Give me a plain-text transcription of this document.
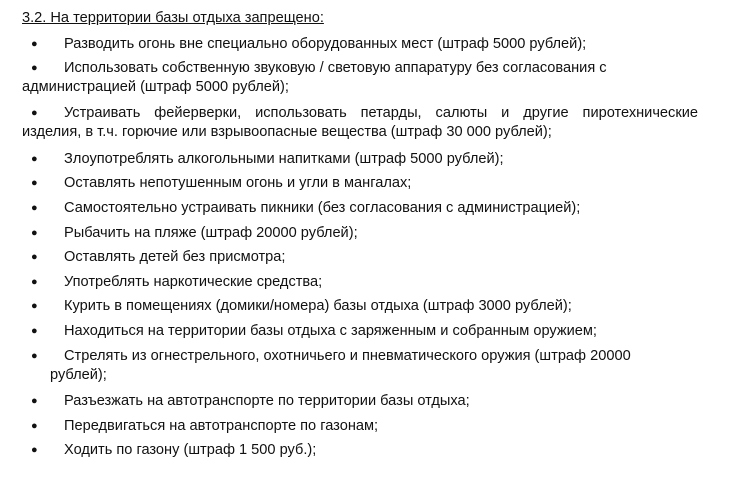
3.2. На территории базы отдыха запрещено:
●	Разводить огонь вне специально оборудованных мест (штраф 5000 рублей);
●	Использовать собственную звуковую / световую аппаратуру без согласования с
администрацией (штраф 5000 рублей);
●	Устраивать фейерверки, использовать петарды, салюты и другие пиротехнические
изделия, в т.ч. горючие или взрывоопасные вещества (штраф 30 000 рублей);
●	Злоупотреблять алкогольными напитками (штраф 5000 рублей);
●	Оставлять непотушенным огонь и угли в мангалах;
●	Самостоятельно устраивать пикники (без согласования с администрацией);
●	Рыбачить на пляже (штраф 20000 рублей);
●	Оставлять детей без присмотра;
●	Употреблять наркотические средства;
●	Курить в помещениях (домики/номера) базы отдыха (штраф 3000 рублей);
●	Находиться на территории базы отдыха с заряженным и собранным оружием;
●	Стрелять из огнестрельного, охотничьего и пневматического оружия (штраф 20000
рублей);
●	Разъезжать на автотранспорте по территории базы отдыха;
●	Передвигаться на автотранспорте по газонам;
●	Ходить по газону (штраф 1 500 руб.);
